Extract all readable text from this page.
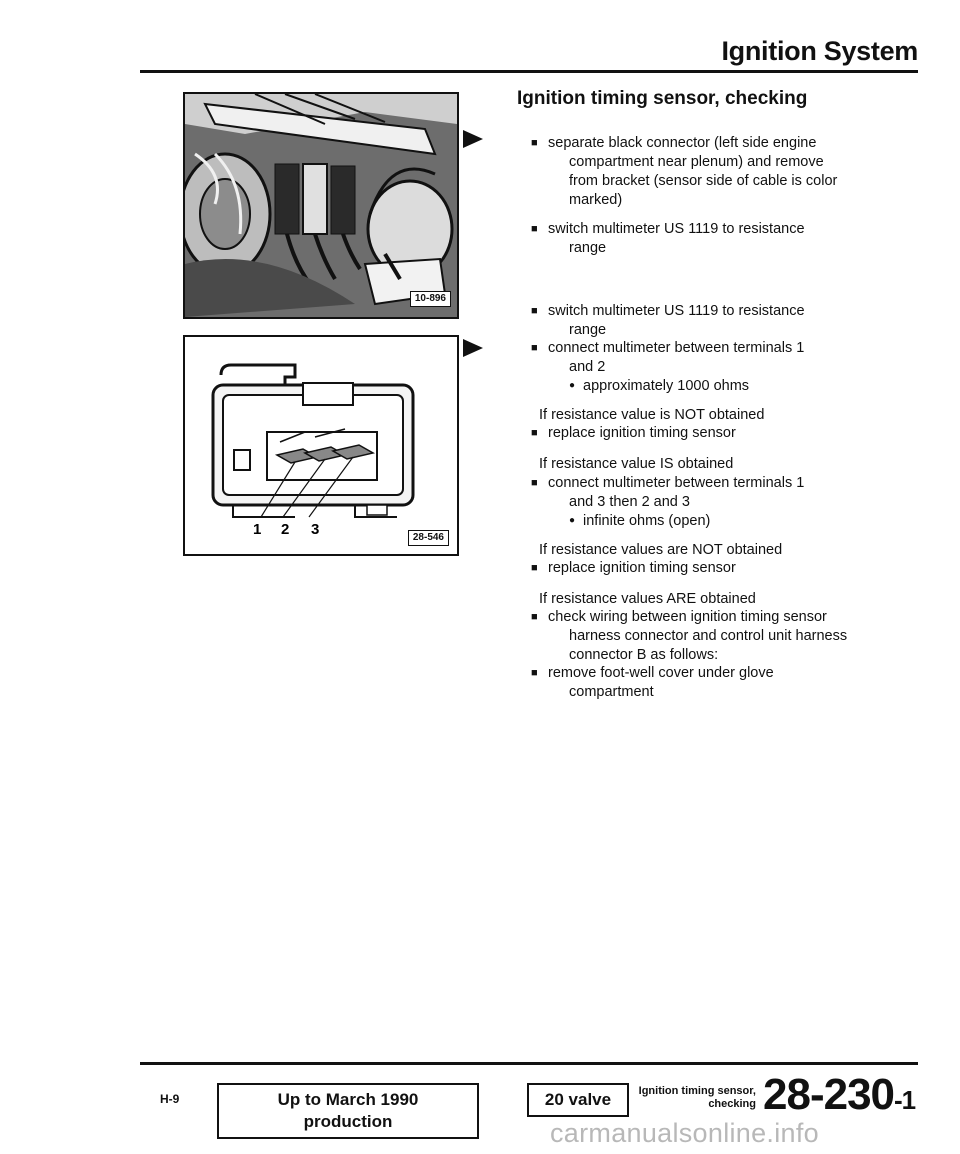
Ignition System
10-896
1 2 3	28-546
Ignition timing sensor, checking
■ separate black connector (left side engine
compartment near plenum) and remove
from bracket (sensor side of cable is color
marked)
■ switch multimeter US 1119 to resistance
range
■ switch multimeter US 1119 to resistance
range
■ connect multimeter between terminals 1
and 2
● approximately 1000 ohms
If resistance value is NOT obtained
■ replace ignition timing sensor
If resistance value IS obtained
■ connect multimeter between terminals 1
and 3 then 2 and 3
● infinite ohms (open)
If resistance values are NOT obtained
■ replace ignition timing sensor
If resistance values ARE obtained
■ check wiring between ignition timing sensor
harness connector and control unit harness
connector B as follows:
■ remove foot-well cover under glove
compartment
H-9	Up to March 1990 production
20 valve	Ignition timing sensor,
checking 28-230-1
carmanualsonline.info
